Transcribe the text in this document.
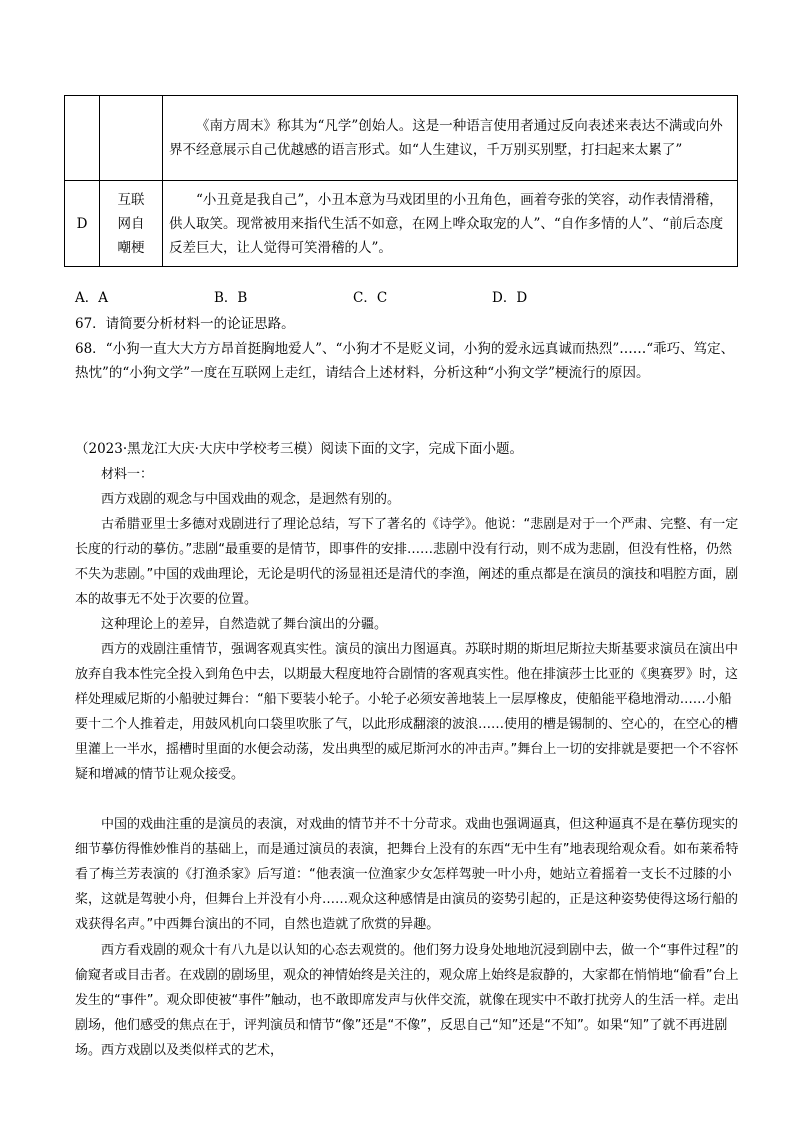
		《南方周末》称其为“凡学”创始人。这是一种语言使用者通过反向表述来表达不满或向外界不经意展示自己优越感的语言形式。如“人生建议，千万别买别墅，打扫起来太累了”

D	互联网自嘲梗	“小丑竟是我自己”，小丑本意为马戏团里的小丑角色，画着夸张的笑容，动作表情滑稽，供人取笑。现常被用来指代生活不如意，在网上哗众取宠的人”、“自作多情的人”、“前后态度反差巨大，让人觉得可笑滑稽的人”。

A．A	B．B	C．C	D．D

67．请简要分析材料一的论证思路。

68．“小狗一直大大方方昂首挺胸地爱人”、“小狗才不是贬义词，小狗的爱永远真诚而热烈”……“乖巧、笃定、热忱”的“小狗文学”一度在互联网上走红，请结合上述材料，分析这种“小狗文学”梗流行的原因。

（2023·黑龙江大庆·大庆中学校考三模）阅读下面的文字，完成下面小题。

材料一：

西方戏剧的观念与中国戏曲的观念，是迥然有别的。

古希腊亚里士多德对戏剧进行了理论总结，写下了著名的《诗学》。他说：“悲剧是对于一个严肃、完整、有一定长度的行动的摹仿。”悲剧“最重要的是情节，即事件的安排……悲剧中没有行动，则不成为悲剧，但没有性格，仍然不失为悲剧。”中国的戏曲理论，无论是明代的汤显祖还是清代的李渔，阐述的重点都是在演员的演技和唱腔方面，剧本的故事无不处于次要的位置。

这种理论上的差异，自然造就了舞台演出的分疆。

西方的戏剧注重情节，强调客观真实性。演员的演出力图逼真。苏联时期的斯坦尼斯拉夫斯基要求演员在演出中放弃自我本性完全投入到角色中去，以期最大程度地符合剧情的客观真实性。他在排演莎士比亚的《奥赛罗》时，这样处理威尼斯的小船驶过舞台：“船下要装小轮子。小轮子必须安善地装上一层厚橡皮，使船能平稳地滑动……小船要十二个人推着走，用鼓风机向口袋里吹胀了气，以此形成翻滚的波浪……使用的槽是锡制的、空心的，在空心的槽里灌上一半水，摇槽时里面的水便会动荡，发出典型的威尼斯河水的冲击声。”舞台上一切的安排就是要把一个不容怀疑和增减的情节让观众接受。

中国的戏曲注重的是演员的表演，对戏曲的情节并不十分苛求。戏曲也强调逼真，但这种逼真不是在摹仿现实的细节摹仿得惟妙惟肖的基础上，而是通过演员的表演，把舞台上没有的东西“无中生有”地表现给观众看。如布莱希特看了梅兰芳表演的《打渔杀家》后写道：“他表演一位渔家少女怎样驾驶一叶小舟，她站立着摇着一支长不过膝的小桨，这就是驾驶小舟，但舞台上并没有小舟……观众这种感情是由演员的姿势引起的，正是这种姿势使得这场行船的戏获得名声。”中西舞台演出的不同，自然也造就了欣赏的异趣。

西方看戏剧的观众十有八九是以认知的心态去观赏的。他们努力设身处地地沉浸到剧中去，做一个“事件过程”的偷窥者或目击者。在戏剧的剧场里，观众的神情始终是关注的，观众席上始终是寂静的，大家都在悄悄地“偷看”台上发生的“事件”。观众即使被“事件”触动，也不敢即席发声与伙伴交流，就像在现实中不敢打扰旁人的生活一样。走出剧场，他们感受的焦点在于，评判演员和情节“像”还是“不像”，反思自己“知”还是“不知”。如果“知”了就不再进剧场。西方戏剧以及类似样式的艺术，
